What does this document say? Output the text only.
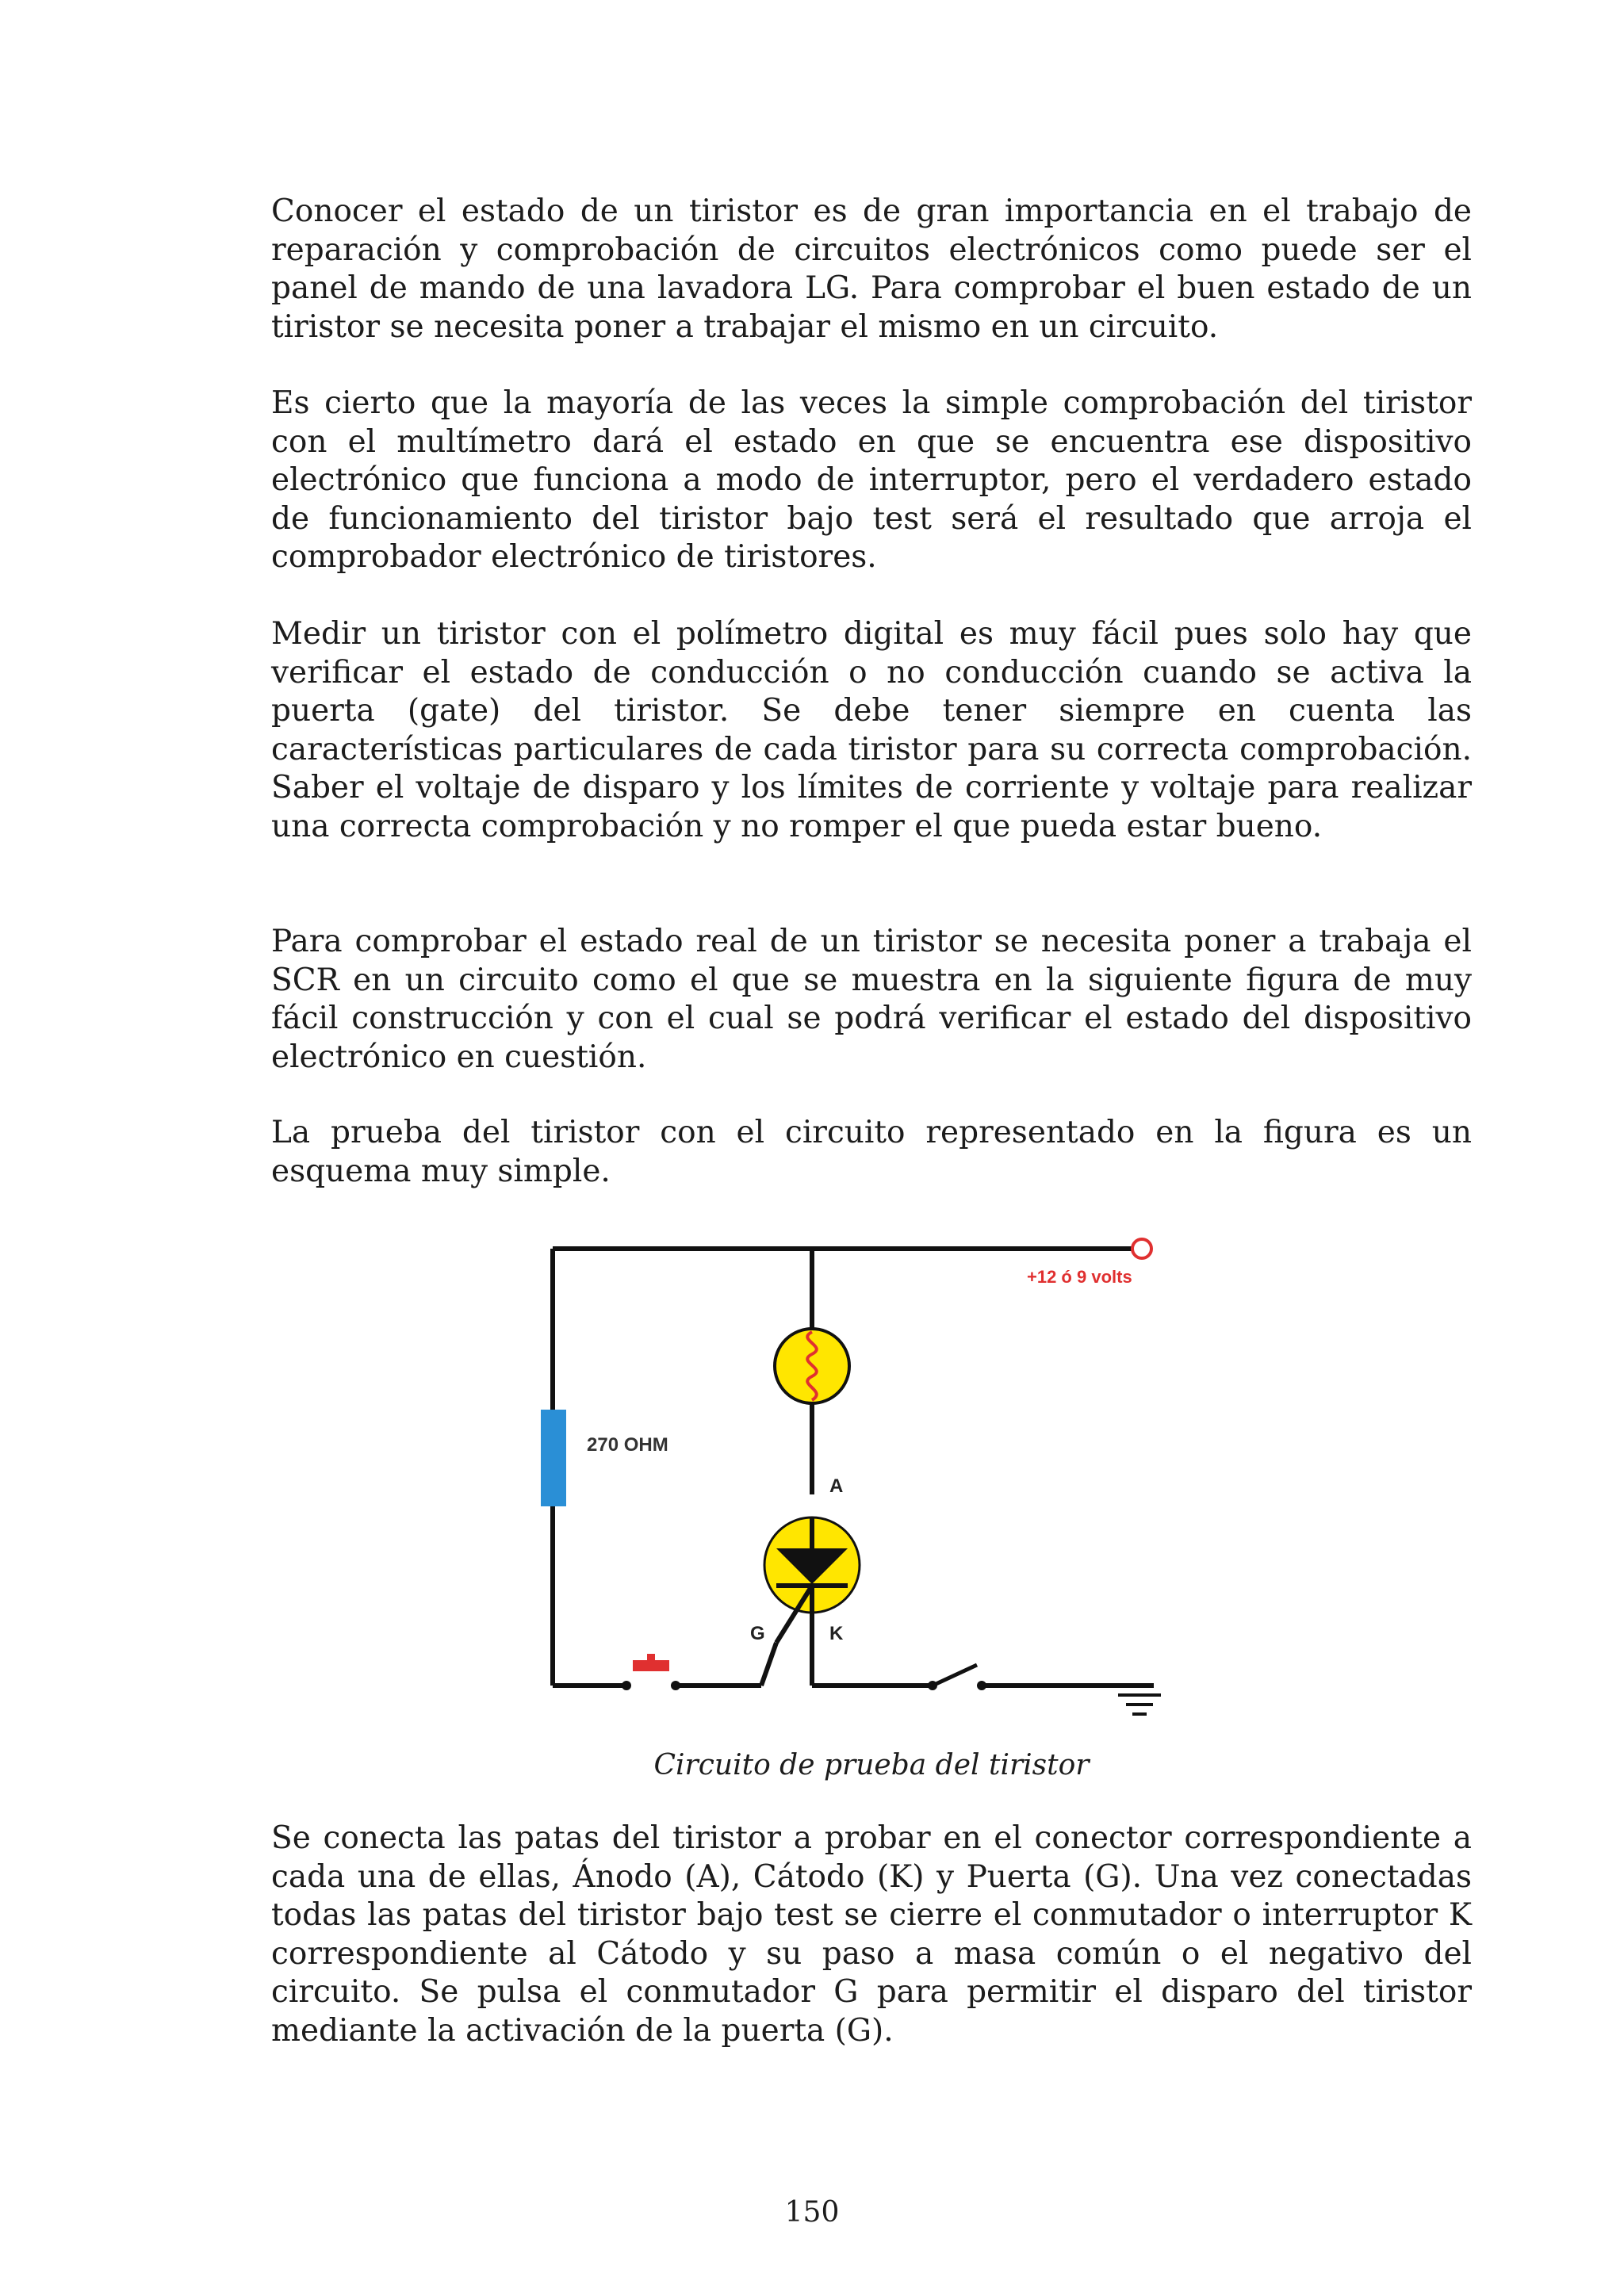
Conocer el estado de un tiristor es de gran importancia en el trabajo de reparación y comprobación de circuitos electrónicos como puede ser el panel de mando de una lavadora LG. Para comprobar el buen estado de un tiristor se necesita poner a trabajar el mismo en un circuito.

Es cierto que la mayoría de las veces la simple comprobación del tiristor con el multímetro dará el estado en que se encuentra ese dispositivo electrónico que funciona a modo de interruptor, pero el verdadero estado de funcionamiento del tiristor bajo test será el resultado que arroja el comprobador electrónico de tiristores.

Medir un tiristor con el polímetro digital es muy fácil pues solo hay que verificar el estado de conducción o no conducción cuando se activa la puerta (gate) del tiristor. Se debe tener siempre en cuenta las características particulares de cada tiristor para su correcta comprobación. Saber el voltaje de disparo y los límites de corriente y voltaje para realizar una correcta comprobación y no romper el que pueda estar bueno.

Para comprobar el estado real de un tiristor se necesita poner a trabaja el SCR en un circuito como el que se muestra en la siguiente figura de muy fácil construcción y con el cual se podrá verificar el estado del dispositivo electrónico en cuestión.

La prueba del tiristor con el circuito representado en la figura es un esquema muy simple.

+12 ó 9 volts
270 OHM
A
G	K
Circuito de prueba del tiristor

Se conecta las patas del tiristor a probar en el conector correspondiente a cada una de ellas, Ánodo (A), Cátodo (K) y Puerta (G). Una vez conectadas todas las patas del tiristor bajo test se cierre el conmutador o interruptor K correspondiente al Cátodo y su paso a masa común o el negativo del circuito. Se pulsa el conmutador G para permitir el disparo del tiristor mediante la activación de la puerta (G).

150
